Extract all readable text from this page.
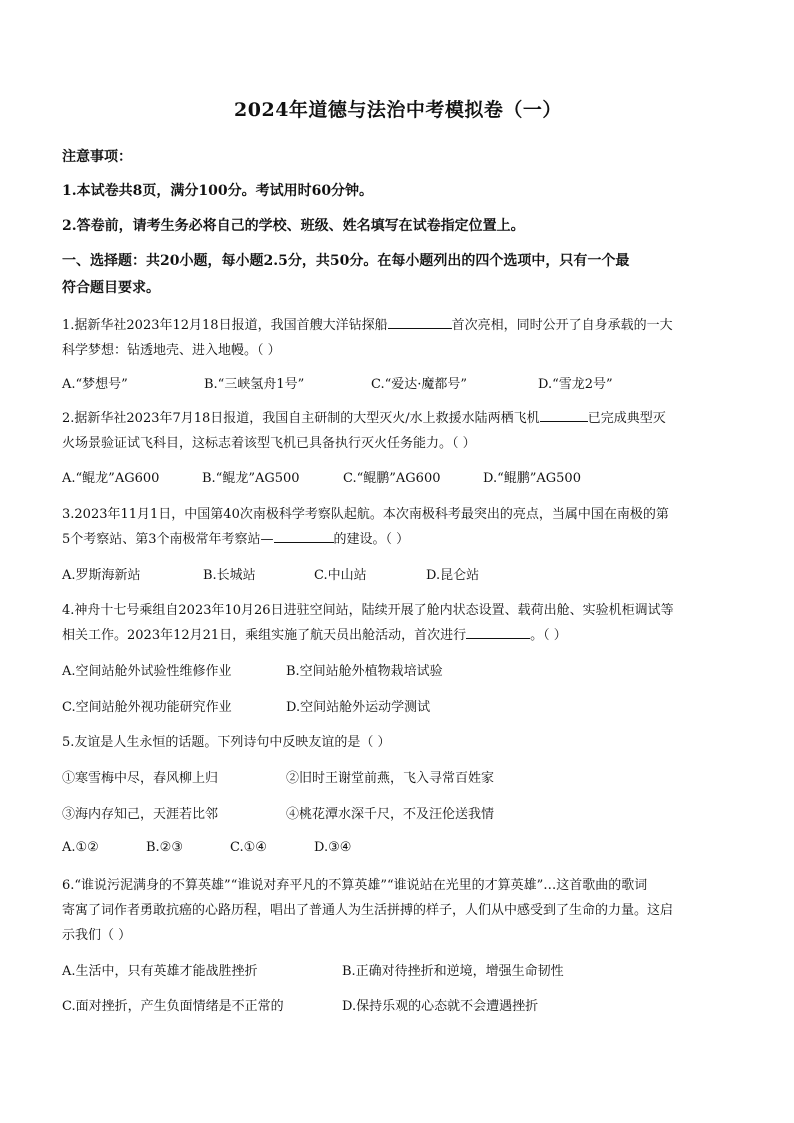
2024年道德与法治中考模拟卷（一）
注意事项：
1.本试卷共8页，满分100分。考试用时60分钟。
2.答卷前，请考生务必将自己的学校、班级、姓名填写在试卷指定位置上。
一、选择题：共20小题，每小题2.5分，共50分。在每小题列出的四个选项中，只有一个最
符合题目要求。
1.据新华社2023年12月18日报道，我国首艘大洋钻探船	首次亮相，同时公开了自身承载的一大
科学梦想：钻透地壳、进入地幔。（ ）
A.“梦想号”	B.“三峡氢舟1号”	C.“爱达·魔都号”	D.“雪龙2号”
2.据新华社2023年7月18日报道，我国自主研制的大型灭火/水上救援水陆两栖飞机	已完成典型灭
火场景验证试飞科目，这标志着该型飞机已具备执行灭火任务能力。（ ）
A.“鲲龙”AG600	B.“鲲龙”AG500	C.“鲲鹏”AG600	D.“鲲鹏”AG500
3.2023年11月1日，中国第40次南极科学考察队起航。本次南极科考最突出的亮点，当属中国在南极的第
5个考察站、第3个南极常年考察站—	的建设。（ ）
A.罗斯海新站	B.长城站	C.中山站	D.昆仑站
4.神舟十七号乘组自2023年10月26日进驻空间站，陆续开展了舱内状态设置、载荷出舱、实验机柜调试等
相关工作。2023年12月21日，乘组实施了航天员出舱活动，首次进行	。（ ）
A.空间站舱外试验性维修作业	B.空间站舱外植物栽培试验
C.空间站舱外视功能研究作业	D.空间站舱外运动学测试
5.友谊是人生永恒的话题。下列诗句中反映友谊的是（ ）
①寒雪梅中尽，春风柳上归	②旧时王谢堂前燕，飞入寻常百姓家
③海内存知己，天涯若比邻	④桃花潭水深千尺，不及汪伦送我情
A.①②	B.②③	C.①④	D.③④
6.“谁说污泥满身的不算英雄”“谁说对弃平凡的不算英雄”“谁说站在光里的才算英雄”…这首歌曲的歌词
寄寓了词作者勇敢抗癌的心路历程，唱出了普通人为生活拼搏的样子，人们从中感受到了生命的力量。这启
示我们（ ）
A.生活中，只有英雄才能战胜挫折	B.正确对待挫折和逆境，增强生命韧性
C.面对挫折，产生负面情绪是不正常的	D.保持乐观的心态就不会遭遇挫折
